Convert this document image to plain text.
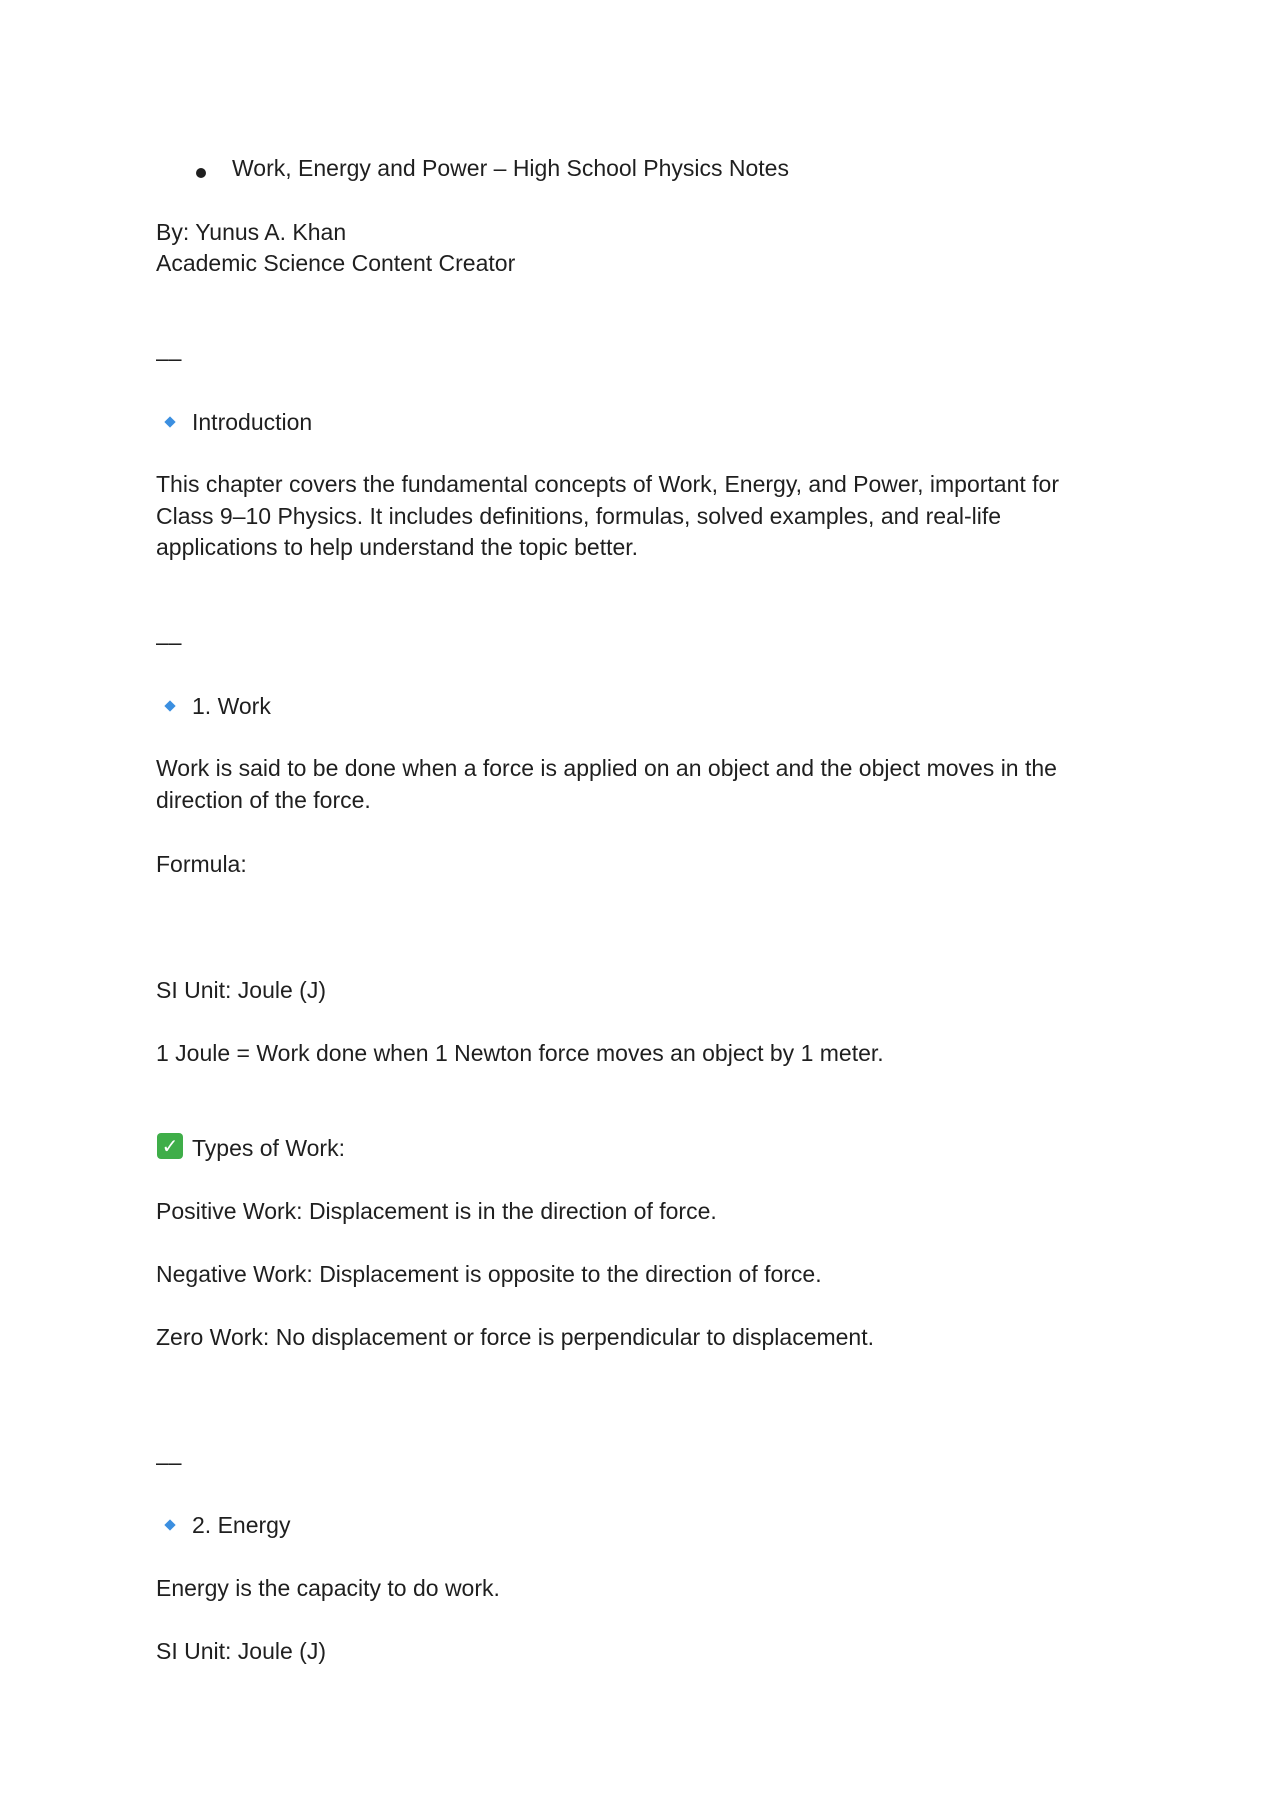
Work, Energy and Power – High School Physics Notes
By: Yunus A. Khan
Academic Science Content Creator
––
Introduction
This chapter covers the fundamental concepts of Work, Energy, and Power, important for Class 9–10 Physics. It includes definitions, formulas, solved examples, and real-life applications to help understand the topic better.
––
1. Work
Work is said to be done when a force is applied on an object and the object moves in the direction of the force.
Formula:
SI Unit: Joule (J)
1 Joule = Work done when 1 Newton force moves an object by 1 meter.
✓ Types of Work:
Positive Work: Displacement is in the direction of force.
Negative Work: Displacement is opposite to the direction of force.
Zero Work: No displacement or force is perpendicular to displacement.
––
2. Energy
Energy is the capacity to do work.
SI Unit: Joule (J)
